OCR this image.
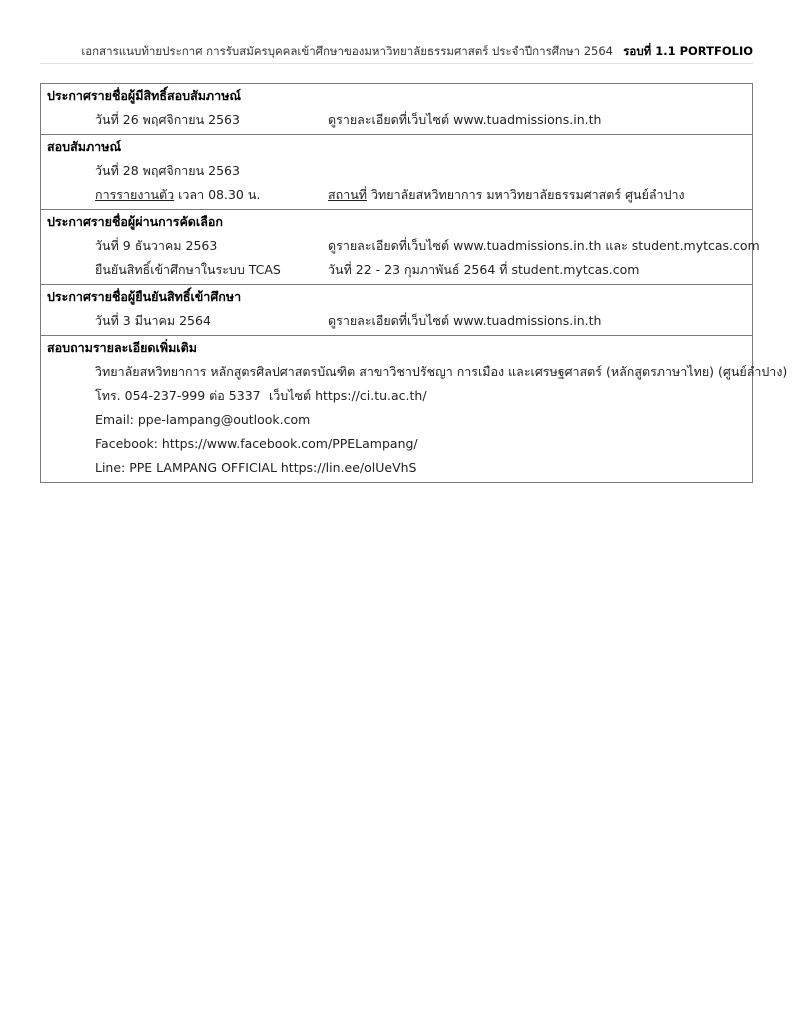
เอกสารแนบท้ายประกาศ การรับสมัครบุคคลเข้าศึกษาของมหาวิทยาลัยธรรมศาสตร์ ประจำปีการศึกษา 2564 รอบที่ 1.1 PORTFOLIO
ประกาศรายชื่อผู้มีสิทธิ์สอบสัมภาษณ์
วันที่ 26 พฤศจิกายน 2563	ดูรายละเอียดที่เว็บไซต์ www.tuadmissions.in.th
สอบสัมภาษณ์
วันที่ 28 พฤศจิกายน 2563
การรายงานตัว เวลา 08.30 น.	สถานที่ วิทยาลัยสหวิทยาการ มหาวิทยาลัยธรรมศาสตร์ ศูนย์ลำปาง
ประกาศรายชื่อผู้ผ่านการคัดเลือก
วันที่ 9 ธันวาคม 2563	ดูรายละเอียดที่เว็บไซต์ www.tuadmissions.in.th และ student.mytcas.com
ยืนยันสิทธิ์เข้าศึกษาในระบบ TCAS	วันที่ 22 - 23 กุมภาพันธ์ 2564 ที่ student.mytcas.com
ประกาศรายชื่อผู้ยืนยันสิทธิ์เข้าศึกษา
วันที่ 3 มีนาคม 2564	ดูรายละเอียดที่เว็บไซต์ www.tuadmissions.in.th
สอบถามรายละเอียดเพิ่มเติม
วิทยาลัยสหวิทยาการ หลักสูตรศิลปศาสตรบัณฑิต สาขาวิชาปรัชญา การเมือง และเศรษฐศาสตร์ (หลักสูตรภาษาไทย) (ศูนย์ลำปาง)
โทร. 054-237-999 ต่อ 5337 เว็บไซต์ https://ci.tu.ac.th/
Email: ppe-lampang@outlook.com
Facebook: https://www.facebook.com/PPELampang/
Line: PPE LAMPANG OFFICIAL https://lin.ee/olUeVhS
